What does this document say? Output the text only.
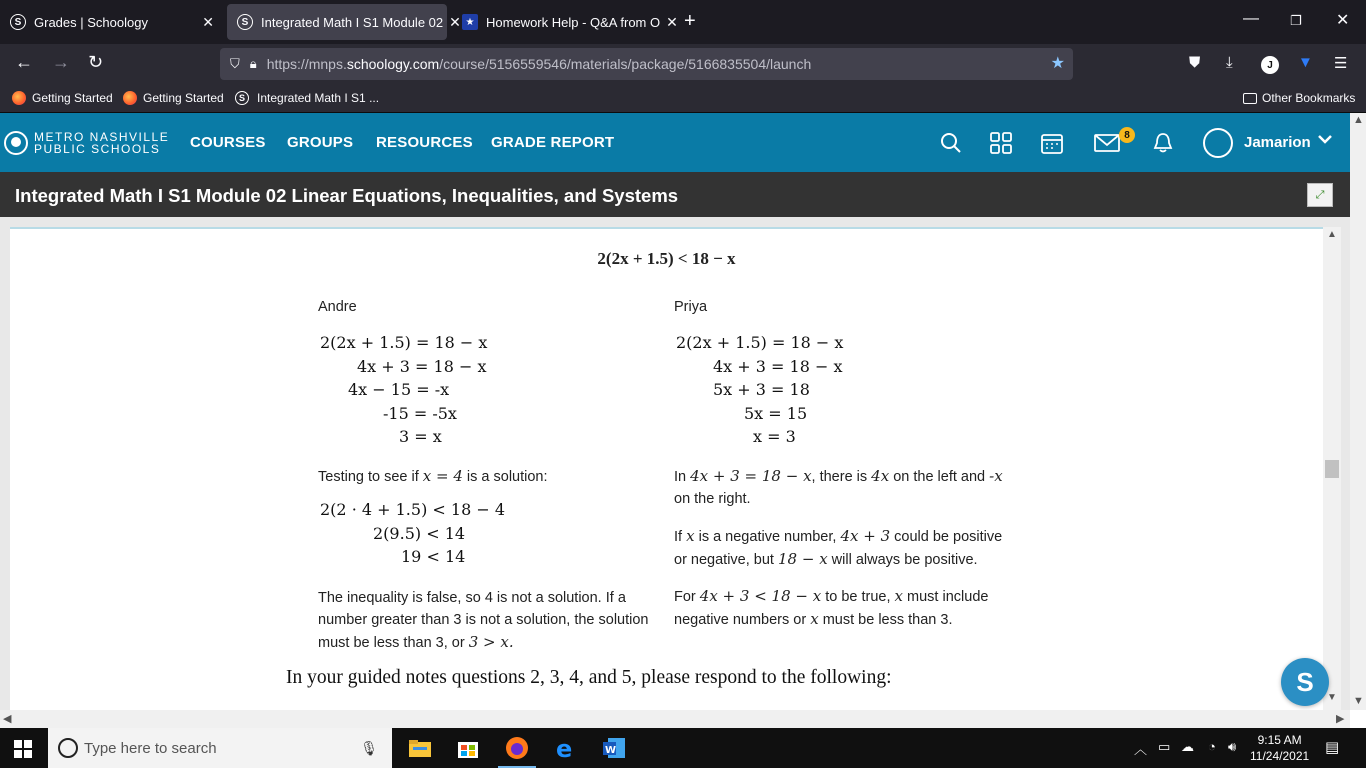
S Grades | Schoology	✕	S Integrated Math I S1 Module 02 ✕ ★ Homework Help - Q&A from O ✕ +	— ❐ ✕
← → ↻	⛉ 🔒︎ https://mnps.schoology.com/course/5156559546/materials/package/5166835504/launch	★	⛊ ⤓	J	▼ ☰
Getting Started	Getting Started	S	Integrated Math I S1 ...	Other Bookmarks
METRO NASHVILLE
PUBLIC SCHOOLS	COURSES GROUPS RESOURCES GRADE REPORT	8	Jamarion
Integrated Math I S1 Module 02 Linear Equations, Inequalities, and Systems	⤢
2(2x + 1.5) < 18 − x
Andre	Priya
2(2x + 1.5) = 18 − x
4x + 3 = 18 − x
4x − 15 = -x
-15 = -5x
3 = x
2(2x + 1.5) = 18 − x
4x + 3 = 18 − x
5x + 3 = 18
5x = 15
x = 3
Testing to see if x = 4 is a solution:
2(2 · 4 + 1.5) < 18 − 4
2(9.5) < 14
19 < 14
The inequality is false, so 4 is not a solution. If a number greater than 3 is not a solution, the solution must be less than 3, or 3 > x.
In 4x + 3 = 18 − x, there is 4x on the left and -x on the right.
If x is a negative number, 4x + 3 could be positive or negative, but 18 − x will always be positive.
For 4x + 3 < 18 − x to be true, x must include negative numbers or x must be less than 3.
In your guided notes questions 2, 3, 4, and 5, please respond to the following:
▲
▼
S
▲
▼
◀	▶
Type here to search	🎙︎	e	W	︿ ▭ ☁ ◔ 🔊︎	9:15 AM
11/24/2021 ▤
